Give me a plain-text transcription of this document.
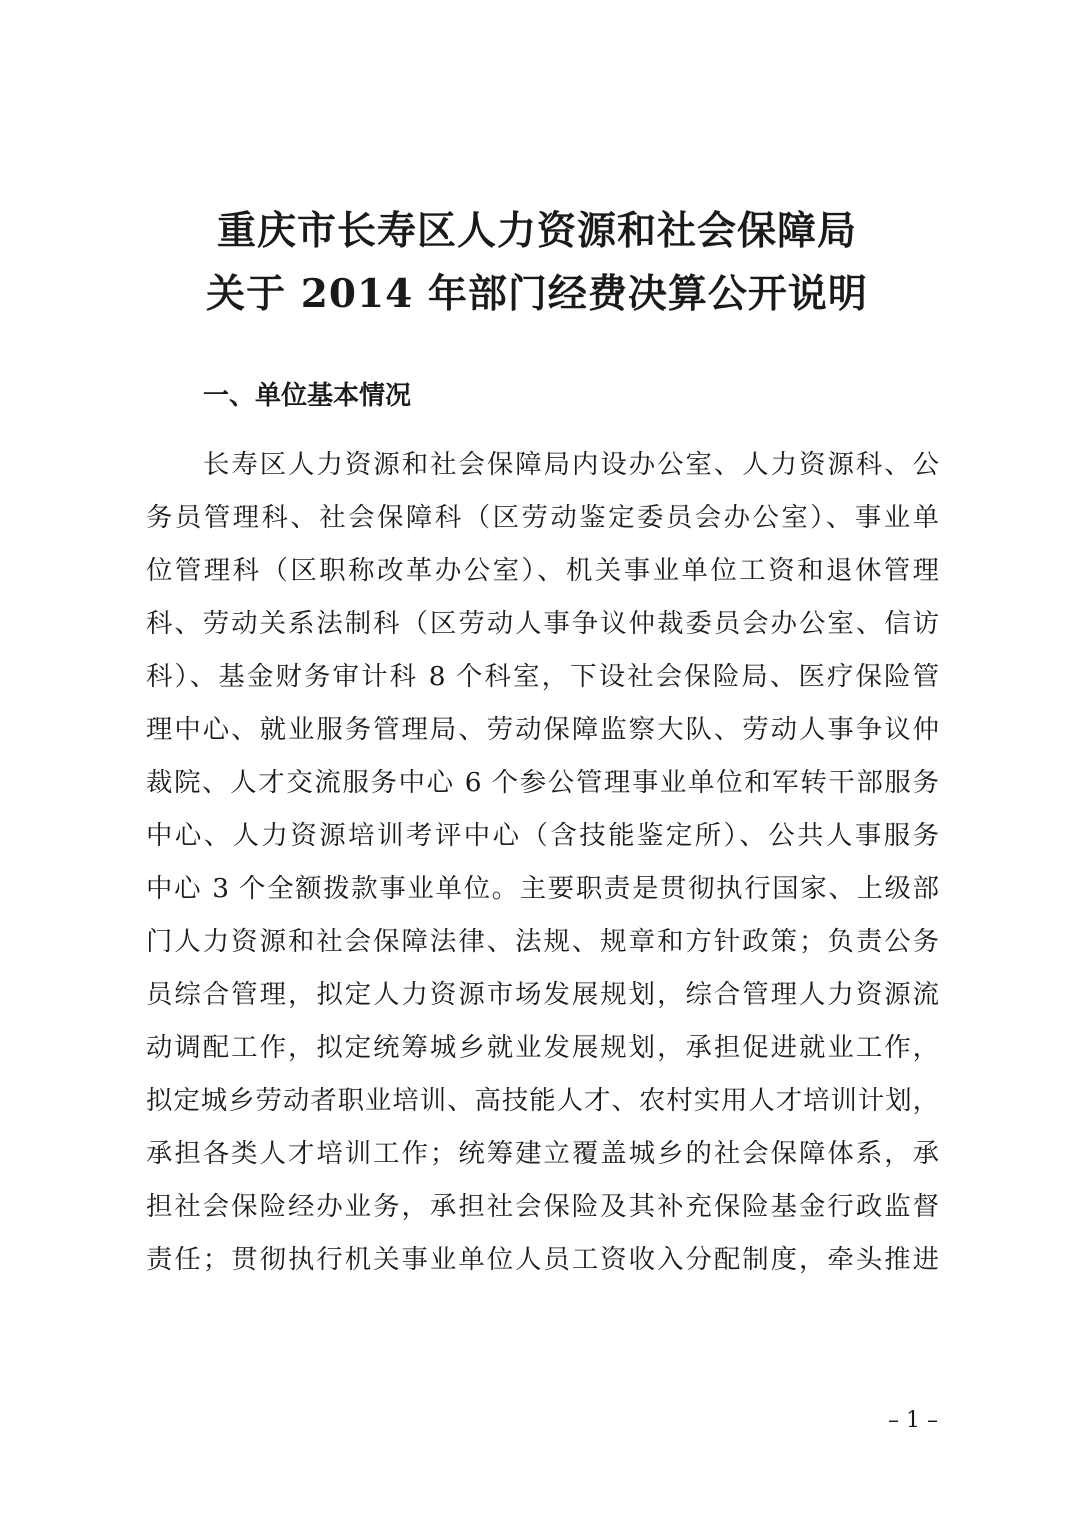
重庆市长寿区人力资源和社会保障局
关于 2014 年部门经费决算公开说明
一、单位基本情况
长寿区人力资源和社会保障局内设办公室、人力资源科、公
务员管理科、社会保障科（区劳动鉴定委员会办公室）、事业单
位管理科（区职称改革办公室）、机关事业单位工资和退休管理
科、劳动关系法制科（区劳动人事争议仲裁委员会办公室、信访
科）、基金财务审计科 8 个科室，下设社会保险局、医疗保险管
理中心、就业服务管理局、劳动保障监察大队、劳动人事争议仲
裁院、人才交流服务中心 6 个参公管理事业单位和军转干部服务
中心、人力资源培训考评中心（含技能鉴定所）、公共人事服务
中心 3 个全额拨款事业单位。主要职责是贯彻执行国家、上级部
门人力资源和社会保障法律、法规、规章和方针政策；负责公务
员综合管理，拟定人力资源市场发展规划，综合管理人力资源流
动调配工作，拟定统筹城乡就业发展规划，承担促进就业工作，
拟定城乡劳动者职业培训、高技能人才、农村实用人才培训计划，
承担各类人才培训工作；统筹建立覆盖城乡的社会保障体系，承
担社会保险经办业务，承担社会保险及其补充保险基金行政监督
责任；贯彻执行机关事业单位人员工资收入分配制度，牵头推进
– 1 –
